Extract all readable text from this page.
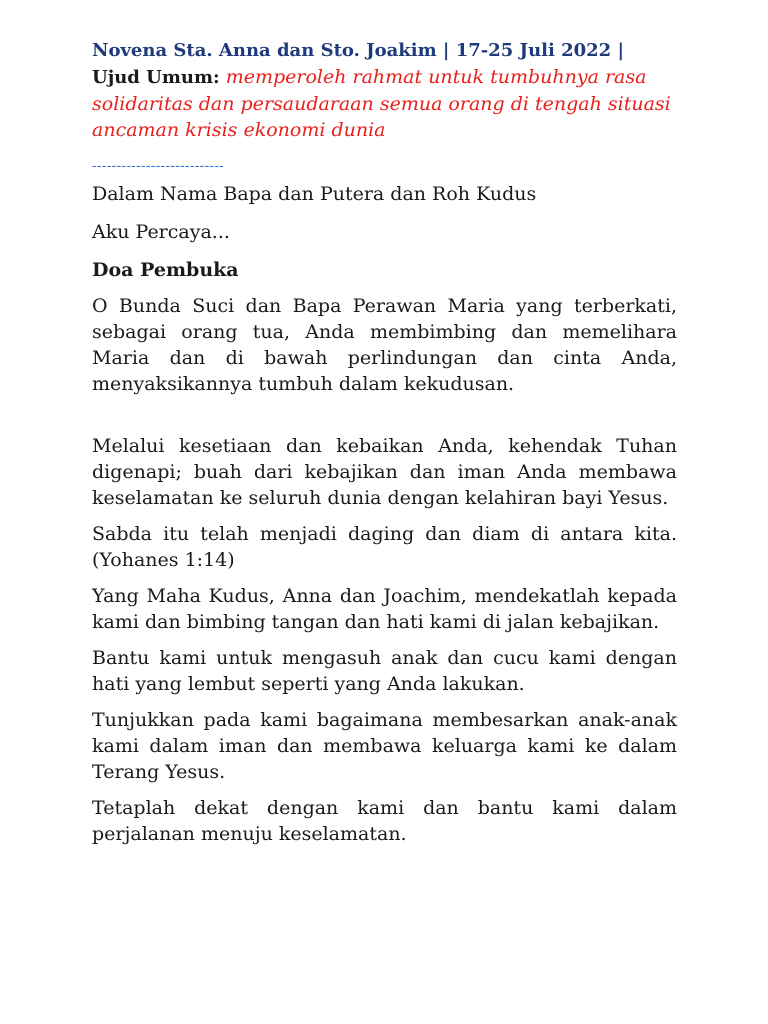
Novena Sta. Anna dan Sto. Joakim | 17-25 Juli 2022 |
Ujud Umum: memperoleh rahmat untuk tumbuhnya rasa solidaritas dan persaudaraan semua orang di tengah situasi ancaman krisis ekonomi dunia
---------------------------
Dalam Nama Bapa dan Putera dan Roh Kudus
Aku Percaya...
Doa Pembuka
O Bunda Suci dan Bapa Perawan Maria yang terberkati, sebagai orang tua, Anda membimbing dan memelihara Maria dan di bawah perlindungan dan cinta Anda, menyaksikannya tumbuh dalam kekudusan.
Melalui kesetiaan dan kebaikan Anda, kehendak Tuhan digenapi; buah dari kebajikan dan iman Anda membawa keselamatan ke seluruh dunia dengan kelahiran bayi Yesus.
Sabda itu telah menjadi daging dan diam di antara kita. (Yohanes 1:14)
Yang Maha Kudus, Anna dan Joachim, mendekatlah kepada kami dan bimbing tangan dan hati kami di jalan kebajikan.
Bantu kami untuk mengasuh anak dan cucu kami dengan hati yang lembut seperti yang Anda lakukan.
Tunjukkan pada kami bagaimana membesarkan anak-anak kami dalam iman dan membawa keluarga kami ke dalam Terang Yesus.
Tetaplah dekat dengan kami dan bantu kami dalam perjalanan menuju keselamatan.
